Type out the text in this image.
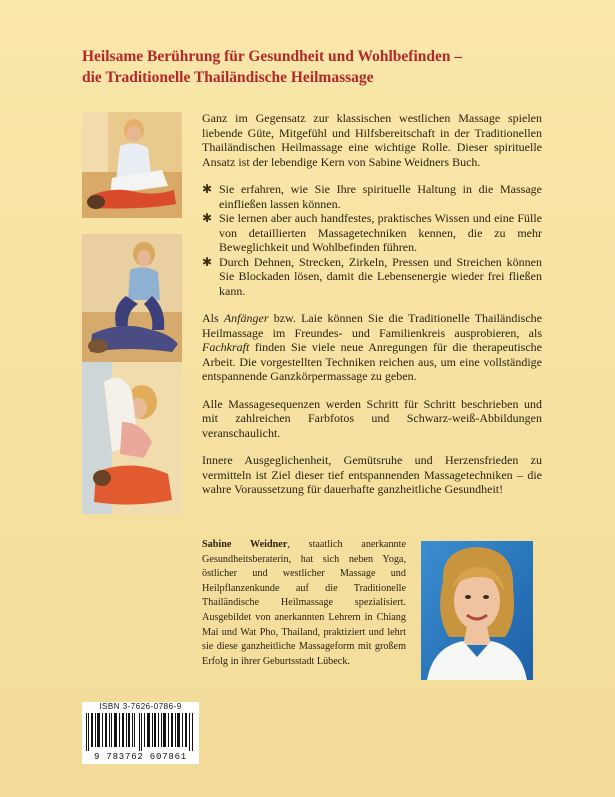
Heilsame Berührung für Gesundheit und Wohlbefinden –
die Traditionelle Thailändische Heilmassage

Ganz im Gegensatz zur klassischen westlichen Massage spielen liebende Güte, Mitgefühl und Hilfsbereitschaft in der Traditionellen Thailändischen Heilmassage eine wichtige Rolle. Dieser spirituelle Ansatz ist der lebendige Kern von Sabine Weidners Buch.

✱ Sie erfahren, wie Sie Ihre spirituelle Haltung in die Massage einfließen lassen können.
✱ Sie lernen aber auch handfestes, praktisches Wissen und eine Fülle von detaillierten Massagetechniken kennen, die zu mehr Beweglichkeit und Wohlbefinden führen.
✱ Durch Dehnen, Strecken, Zirkeln, Pressen und Streichen können Sie Blockaden lösen, damit die Lebensenergie wieder frei fließen kann.

Als Anfänger bzw. Laie können Sie die Traditionelle Thailändische Heilmassage im Freundes- und Familienkreis ausprobieren, als Fachkraft finden Sie viele neue Anregungen für die therapeutische Arbeit. Die vorgestellten Techniken reichen aus, um eine vollständige entspannende Ganzkörpermassage zu geben.

Alle Massagesequenzen werden Schritt für Schritt beschrieben und mit zahlreichen Farbfotos und Schwarz-weiß-Abbildungen veranschaulicht.

Innere Ausgeglichenheit, Gemütsruhe und Herzensfrieden zu vermitteln ist Ziel dieser tief entspannenden Massagetechniken – die wahre Voraussetzung für dauerhafte ganzheitliche Gesundheit!

Sabine Weidner, staatlich anerkannte Gesundheitsberaterin, hat sich neben Yoga, östlicher und westlicher Massage und Heilpflanzenkunde auf die Traditionelle Thailändische Heilmassage spezialisiert. Ausgebildet von anerkannten Lehrern in Chiang Mai und Wat Pho, Thailand, praktiziert und lehrt sie diese ganzheitliche Massageform mit großem Erfolg in ihrer Geburtsstadt Lübeck.
ISBN 3-7626-0786-9
9 783762 607861
